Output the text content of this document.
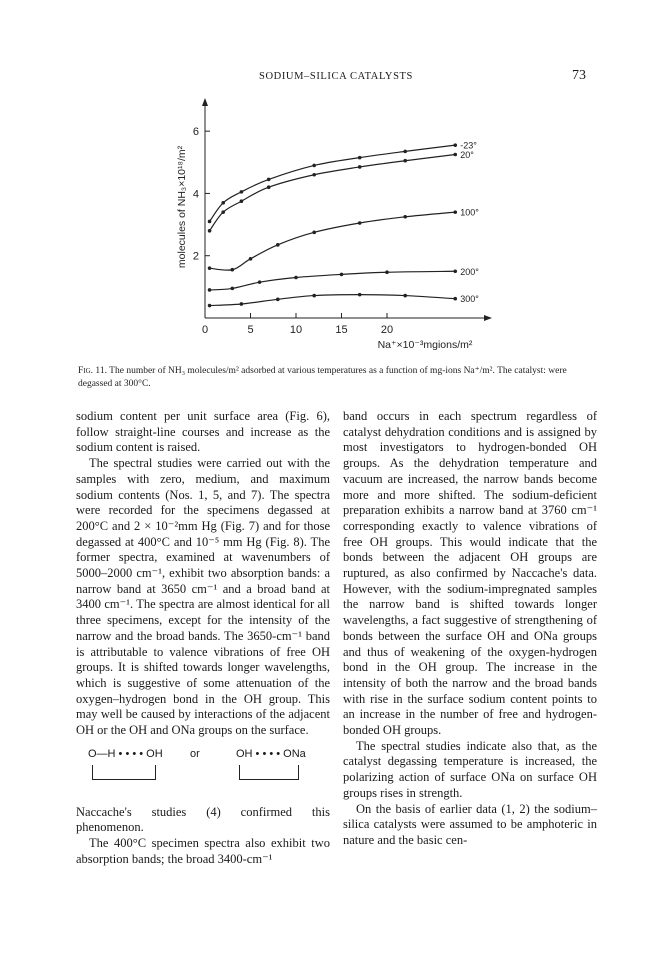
SODIUM–SILICA CATALYSTS	73
0	5	10	15	20
2
4
6
molecules of NH₃×10¹⁸/m²
Na⁺×10⁻³mgions/m²
-23°
20°
100°
200°
300°
Fig. 11. The number of NH₃ molecules/m² adsorbed at various temperatures as a function of mg-ions Na⁺/m². The catalyst: were degassed at 300°C.

sodium content per unit surface area (Fig. 6), follow straight-line courses and increase as the sodium content is raised.

The spectral studies were carried out with the samples with zero, medium, and maximum sodium contents (Nos. 1, 5, and 7). The spectra were recorded for the specimens degassed at 200°C and 2 × 10⁻²mm Hg (Fig. 7) and for those degassed at 400°C and 10⁻⁵ mm Hg (Fig. 8). The former spectra, examined at wavenumbers of 5000–2000 cm⁻¹, exhibit two absorption bands: a narrow band at 3650 cm⁻¹ and a broad band at 3400 cm⁻¹. The spectra are almost identical for all three specimens, except for the intensity of the narrow and the broad bands. The 3650-cm⁻¹ band is attributable to valence vibrations of free OH groups. It is shifted towards longer wavelengths, which is suggestive of some attenuation of the oxygen–hydrogen bond in the OH group. This may well be caused by interactions of the adjacent OH or the OH and ONa groups on the surface.

O—H • • • • OH or	OH • • • • ONa

Naccache's studies (4) confirmed this phenomenon.

The 400°C specimen spectra also exhibit two absorption bands; the broad 3400-cm⁻¹

band occurs in each spectrum regardless of catalyst dehydration conditions and is assigned by most investigators to hydrogen-bonded OH groups. As the dehydration temperature and vacuum are increased, the narrow bands become more and more shifted. The sodium-deficient preparation exhibits a narrow band at 3760 cm⁻¹ corresponding exactly to valence vibrations of free OH groups. This would indicate that the bonds between the adjacent OH groups are ruptured, as also confirmed by Naccache's data. However, with the sodium-impregnated samples the narrow band is shifted towards longer wavelengths, a fact suggestive of strengthening of bonds between the surface OH and ONa groups and thus of weakening of the oxygen-hydrogen bond in the OH group. The increase in the intensity of both the narrow and the broad bands with rise in the surface sodium content points to an increase in the number of free and hydrogen-bonded OH groups.

The spectral studies indicate also that, as the catalyst degassing temperature is increased, the polarizing action of surface ONa on surface OH groups rises in strength.

On the basis of earlier data (1, 2) the sodium–silica catalysts were assumed to be amphoteric in nature and the basic cen-
